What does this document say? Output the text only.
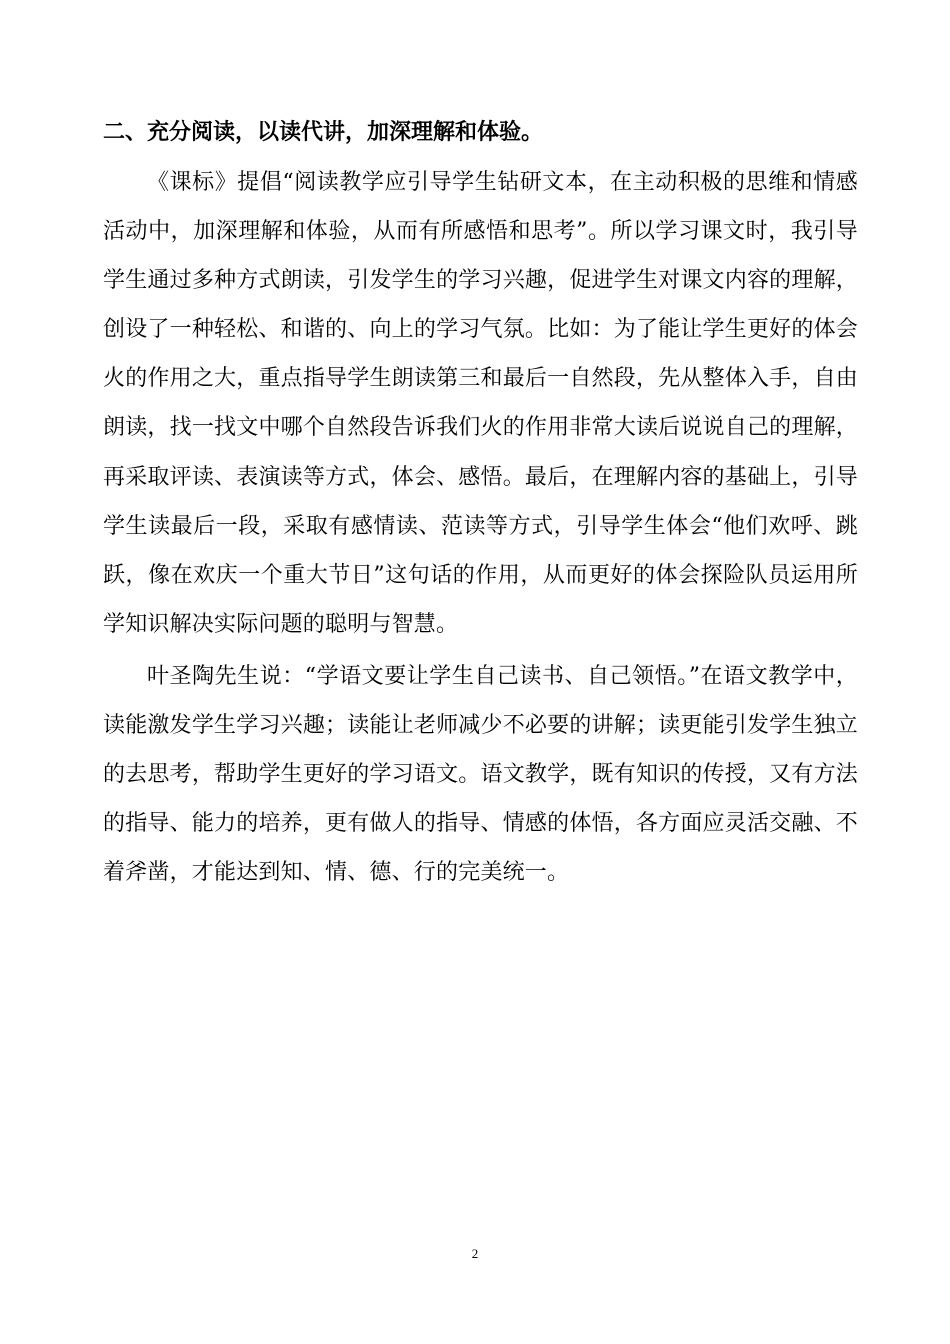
二、充分阅读，以读代讲，加深理解和体验。
《课标》提倡“阅读教学应引导学生钻研文本，在主动积极的思维和情感活动中，加深理解和体验，从而有所感悟和思考”。所以学习课文时，我引导学生通过多种方式朗读，引发学生的学习兴趣，促进学生对课文内容的理解，创设了一种轻松、和谐的、向上的学习气氛。比如：为了能让学生更好的体会火的作用之大，重点指导学生朗读第三和最后一自然段，先从整体入手，自由朗读，找一找文中哪个自然段告诉我们火的作用非常大读后说说自己的理解，再采取评读、表演读等方式，体会、感悟。最后，在理解内容的基础上，引导学生读最后一段，采取有感情读、范读等方式，引导学生体会“他们欢呼、跳跃，像在欢庆一个重大节日”这句话的作用，从而更好的体会探险队员运用所学知识解决实际问题的聪明与智慧。
叶圣陶先生说：“学语文要让学生自己读书、自己领悟。”在语文教学中，读能激发学生学习兴趣；读能让老师减少不必要的讲解；读更能引发学生独立的去思考，帮助学生更好的学习语文。语文教学，既有知识的传授，又有方法的指导、能力的培养，更有做人的指导、情感的体悟，各方面应灵活交融、不着斧凿，才能达到知、情、德、行的完美统一。
2
